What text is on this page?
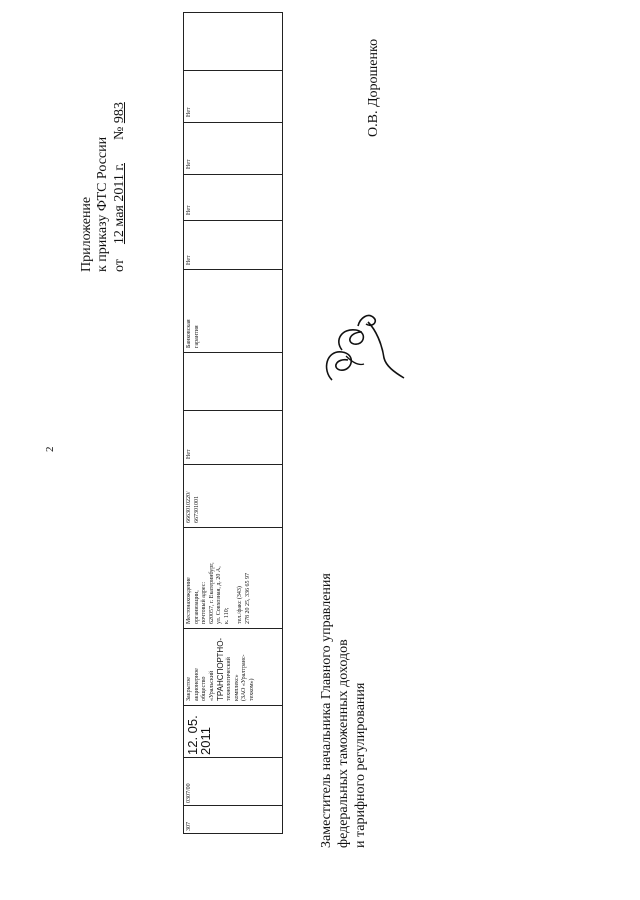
2
Приложение к приказу ФТС России от  12 мая 2011 г.  № 983	Нет
Нет
Нет
Нет
Банковская гарантия
Нет
6663010220/ 667301001
Местонахождение организации, почтовый адрес: 620057, г. Екатеринбург, ул. Совхозная, д. 20 А, к. 110; тел./факс (343) 278 20 25, 336 65 97
Закрытое акционерное общество «Уральский ТРАНСПОРТНО- технологический комплекс» (ЗАО «Уралтранс- техком»)
12. 05. 2011
0307/00
307
О.В. Дорошенко
Заместитель начальника Главного управления федеральных таможенных доходов и тарифного регулирования
